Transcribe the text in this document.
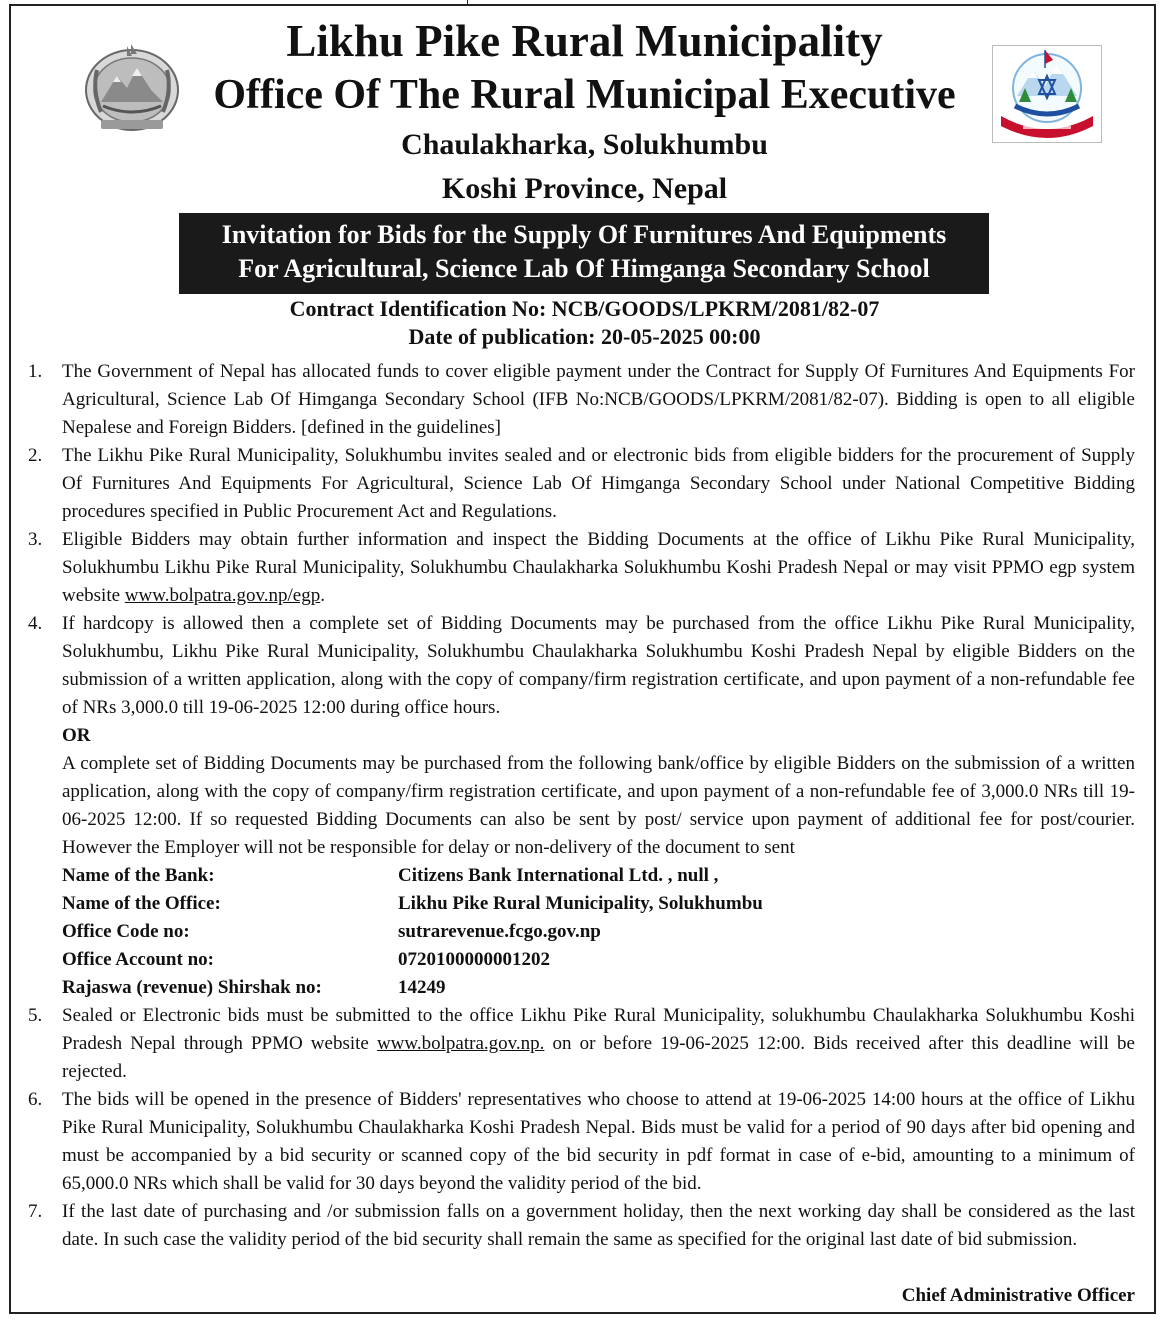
Likhu Pike Rural Municipality
Office Of The Rural Municipal Executive
Chaulakharka, Solukhumbu
Koshi Province, Nepal
Invitation for Bids for the Supply Of Furnitures And Equipments
For Agricultural, Science Lab Of Himganga Secondary School
Contract Identification No: NCB/GOODS/LPKRM/2081/82-07
Date of publication: 20-05-2025 00:00
1.	The Government of Nepal has allocated funds to cover eligible payment under the Contract for Supply Of Furnitures And Equipments For Agricultural, Science Lab Of Himganga Secondary School (IFB No:NCB/GOODS/LPKRM/2081/82-07). Bidding is open to all eligible Nepalese and Foreign Bidders. [defined in the guidelines]
2.	The Likhu Pike Rural Municipality, Solukhumbu invites sealed and or electronic bids from eligible bidders for the procurement of Supply Of Furnitures And Equipments For Agricultural, Science Lab Of Himganga Secondary School under National Competitive Bidding procedures specified in Public Procurement Act and Regulations.
3.	Eligible Bidders may obtain further information and inspect the Bidding Documents at the office of Likhu Pike Rural Municipality, Solukhumbu Likhu Pike Rural Municipality, Solukhumbu Chaulakharka Solukhumbu Koshi Pradesh Nepal or may visit PPMO egp system website www.bolpatra.gov.np/egp.
4.	If hardcopy is allowed then a complete set of Bidding Documents may be purchased from the office Likhu Pike Rural Municipality, Solukhumbu, Likhu Pike Rural Municipality, Solukhumbu Chaulakharka Solukhumbu Koshi Pradesh Nepal by eligible Bidders on the submission of a written application, along with the copy of company/firm registration certificate, and upon payment of a non-refundable fee of NRs 3,000.0 till 19-06-2025 12:00 during office hours.
OR
A complete set of Bidding Documents may be purchased from the following bank/office by eligible Bidders on the submission of a written application, along with the copy of company/firm registration certificate, and upon payment of a non-refundable fee of 3,000.0 NRs till 19-06-2025 12:00. If so requested Bidding Documents can also be sent by post/ service upon payment of additional fee for post/courier. However the Employer will not be responsible for delay or non-delivery of the document to sent
Name of the Bank:	Citizens Bank International Ltd. , null ,
Name of the Office:	Likhu Pike Rural Municipality, Solukhumbu
Office Code no:	sutrarevenue.fcgo.gov.np
Office Account no:	0720100000001202
Rajaswa (revenue) Shirshak no:	14249
5.	Sealed or Electronic bids must be submitted to the office Likhu Pike Rural Municipality, solukhumbu Chaulakharka Solukhumbu Koshi Pradesh Nepal through PPMO website www.bolpatra.gov.np. on or before 19-06-2025 12:00. Bids received after this deadline will be rejected.
6.	The bids will be opened in the presence of Bidders' representatives who choose to attend at 19-06-2025 14:00 hours at the office of Likhu Pike Rural Municipality, Solukhumbu Chaulakharka Koshi Pradesh Nepal. Bids must be valid for a period of 90 days after bid opening and must be accompanied by a bid security or scanned copy of the bid security in pdf format in case of e-bid, amounting to a minimum of 65,000.0 NRs which shall be valid for 30 days beyond the validity period of the bid.
7.	If the last date of purchasing and /or submission falls on a government holiday, then the next working day shall be considered as the last date. In such case the validity period of the bid security shall remain the same as specified for the original last date of bid submission.
Chief Administrative Officer
